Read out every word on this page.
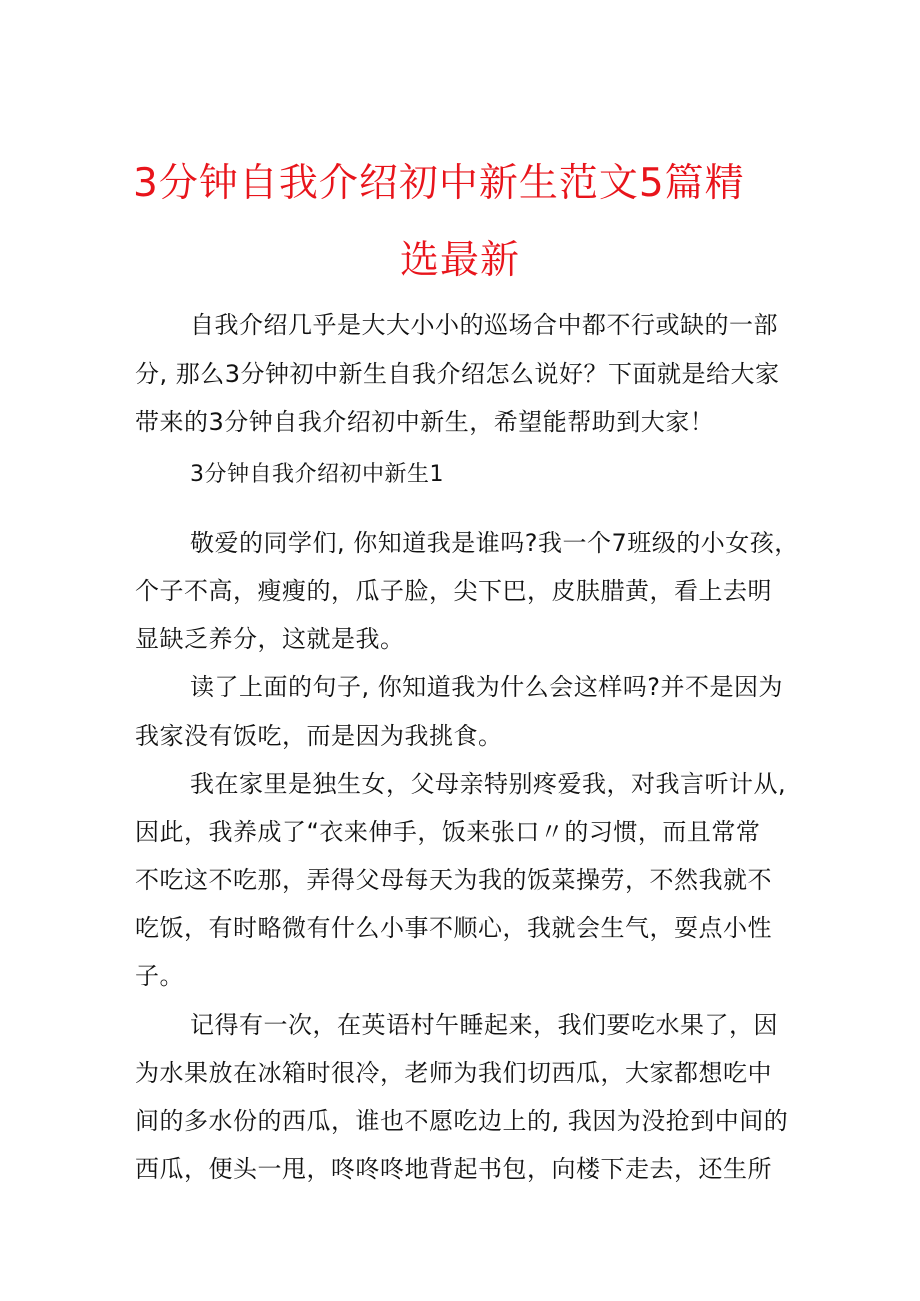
3分钟自我介绍初中新生范文5篇精
选最新
自我介绍几乎是大大小小的巡场合中都不行或缺的一部
分, 那么3分钟初中新生自我介绍怎么说好？下面就是给大家
带来的3分钟自我介绍初中新生，希望能帮助到大家！
3分钟自我介绍初中新生1
敬爱的同学们, 你知道我是谁吗?我一个7班级的小女孩，
个子不高，瘦瘦的，瓜子脸，尖下巴，皮肤腊黄，看上去明
显缺乏养分，这就是我。
读了上面的句子, 你知道我为什么会这样吗?并不是因为
我家没有饭吃，而是因为我挑食。
我在家里是独生女，父母亲特别疼爱我，对我言听计从,
因此，我养成了“衣来伸手，饭来张口〃的习惯，而且常常
不吃这不吃那，弄得父母每天为我的饭菜操劳，不然我就不
吃饭，有时略微有什么小事不顺心，我就会生气，耍点小性
子。
记得有一次，在英语村午睡起来，我们要吃水果了，因
为水果放在冰箱时很冷，老师为我们切西瓜，大家都想吃中
间的多水份的西瓜，谁也不愿吃边上的, 我因为没抢到中间的
西瓜，便头一甩，咚咚咚地背起书包，向楼下走去，还生所
